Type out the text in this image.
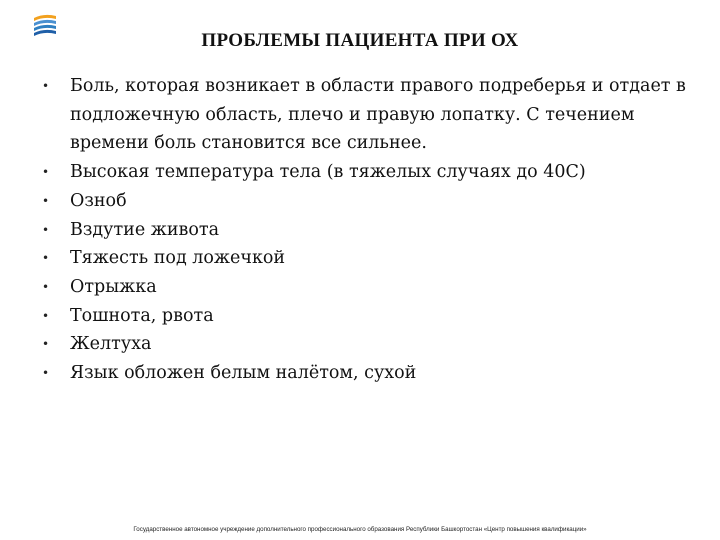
ПРОБЛЕМЫ ПАЦИЕНТА ПРИ ОХ
• Боль, которая возникает в области правого подреберья и отдает в подложечную область, плечо и правую лопатку. С течением времени боль становится все сильнее.
• Высокая температура тела (в тяжелых случаях до 40С)
• Озноб
• Вздутие живота
• Тяжесть под ложечкой
• Отрыжка
• Тошнота, рвота
• Желтуха
• Язык обложен белым налётом, сухой
Государственное автономное учреждение дополнительного профессионального образования Республики Башкортостан «Центр повышения квалификации»
